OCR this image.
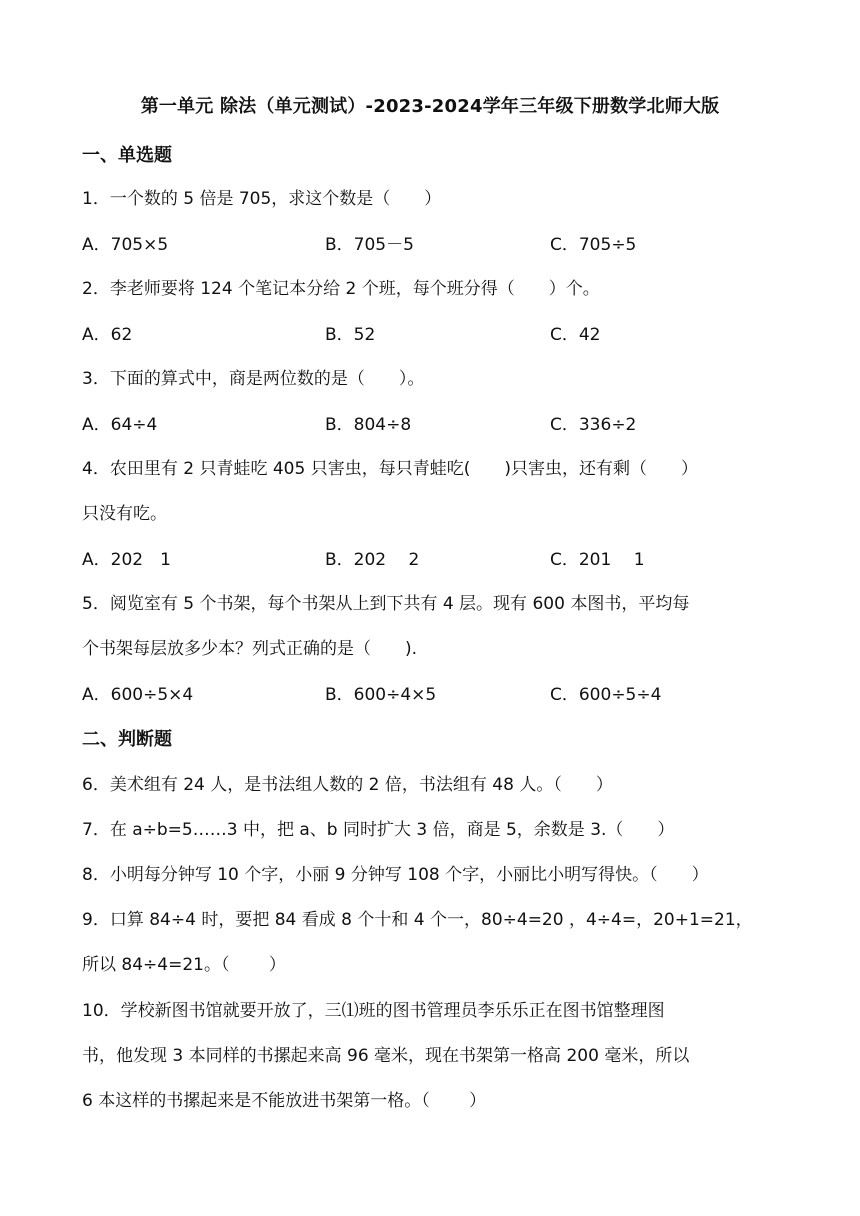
第一单元 除法（单元测试）-2023-2024学年三年级下册数学北师大版
一、单选题
1．一个数的 5 倍是 705，求这个数是（　　）
A．705×5	B．705－5	C．705÷5
2．李老师要将 124 个笔记本分给 2 个班，每个班分得（　　）个。
A．62	B．52	C．42
3．下面的算式中，商是两位数的是（　　）。
A．64÷4	B．804÷8	C．336÷2
4．农田里有 2 只青蛙吃 405 只害虫，每只青蛙吃(　　)只害虫，还有剩（　　）
只没有吃。
A．202　1	B．202　 2	C．201　 1
5．阅览室有 5 个书架，每个书架从上到下共有 4 层。现有 600 本图书，平均每
个书架每层放多少本？列式正确的是（　　).
A．600÷5×4	B．600÷4×5	C．600÷5÷4
二、判断题
6．美术组有 24 人，是书法组人数的 2 倍，书法组有 48 人。（　　）
7．在 a÷b=5……3 中，把 a、b 同时扩大 3 倍，商是 5，余数是 3.（　　）
8．小明每分钟写 10 个字，小丽 9 分钟写 108 个字，小丽比小明写得快。（　　）
9．口算 84÷4 时，要把 84 看成 8 个十和 4 个一，80÷4=20 ，4÷4=，20+1=21，
所以 84÷4=21。（　　 ）
10．学校新图书馆就要开放了，三⑴班的图书管理员李乐乐正在图书馆整理图
书，他发现 3 本同样的书摞起来高 96 毫米，现在书架第一格高 200 毫米，所以
6 本这样的书摞起来是不能放进书架第一格。（　　 ）
